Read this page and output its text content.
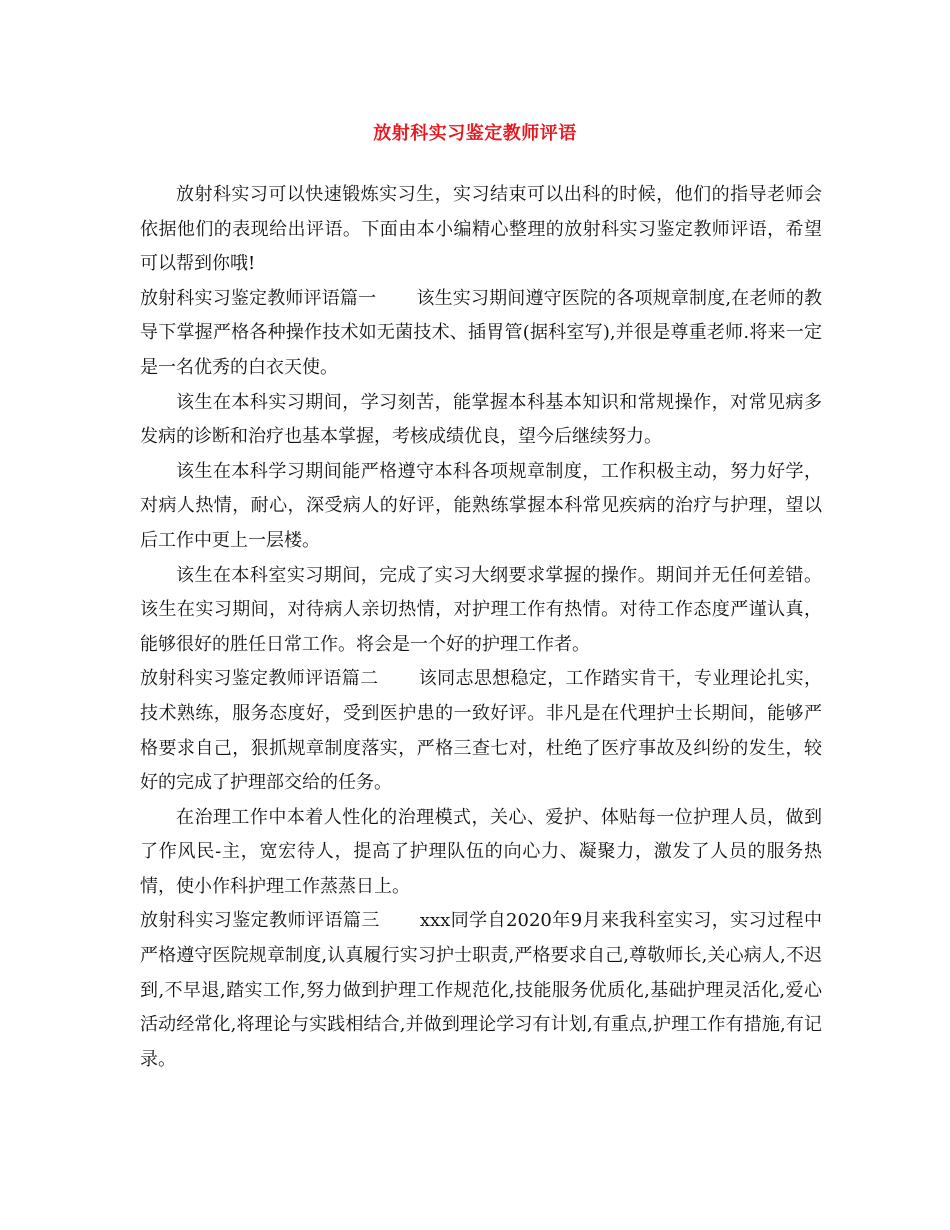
放射科实习鉴定教师评语

放射科实习可以快速锻炼实习生，实习结束可以出科的时候，他们的指导老师会依据他们的表现给出评语。下面由本小编精心整理的放射科实习鉴定教师评语，希望可以帮到你哦!

放射科实习鉴定教师评语篇一 该生实习期间遵守医院的各项规章制度,在老师的教导下掌握严格各种操作技术如无菌技术、插胃管(据科室写),并很是尊重老师.将来一定是一名优秀的白衣天使。

该生在本科实习期间，学习刻苦，能掌握本科基本知识和常规操作，对常见病多发病的诊断和治疗也基本掌握，考核成绩优良，望今后继续努力。

该生在本科学习期间能严格遵守本科各项规章制度，工作积极主动，努力好学，对病人热情，耐心，深受病人的好评，能熟练掌握本科常见疾病的治疗与护理，望以后工作中更上一层楼。

该生在本科室实习期间，完成了实习大纲要求掌握的操作。期间并无任何差错。该生在实习期间，对待病人亲切热情，对护理工作有热情。对待工作态度严谨认真，能够很好的胜任日常工作。将会是一个好的护理工作者。

放射科实习鉴定教师评语篇二 该同志思想稳定，工作踏实肯干，专业理论扎实，技术熟练，服务态度好，受到医护患的一致好评。非凡是在代理护士长期间，能够严格要求自己，狠抓规章制度落实，严格三查七对，杜绝了医疗事故及纠纷的发生，较好的完成了护理部交给的任务。

在治理工作中本着人性化的治理模式，关心、爱护、体贴每一位护理人员，做到了作风民-主，宽宏待人，提高了护理队伍的向心力、凝聚力，激发了人员的服务热情，使小作科护理工作蒸蒸日上。

放射科实习鉴定教师评语篇三 xxx同学自2020年9月来我科室实习，实习过程中严格遵守医院规章制度,认真履行实习护士职责,严格要求自己,尊敬师长,关心病人,不迟到,不早退,踏实工作,努力做到护理工作规范化,技能服务优质化,基础护理灵活化,爱心活动经常化,将理论与实践相结合,并做到理论学习有计划,有重点,护理工作有措施,有记录。
